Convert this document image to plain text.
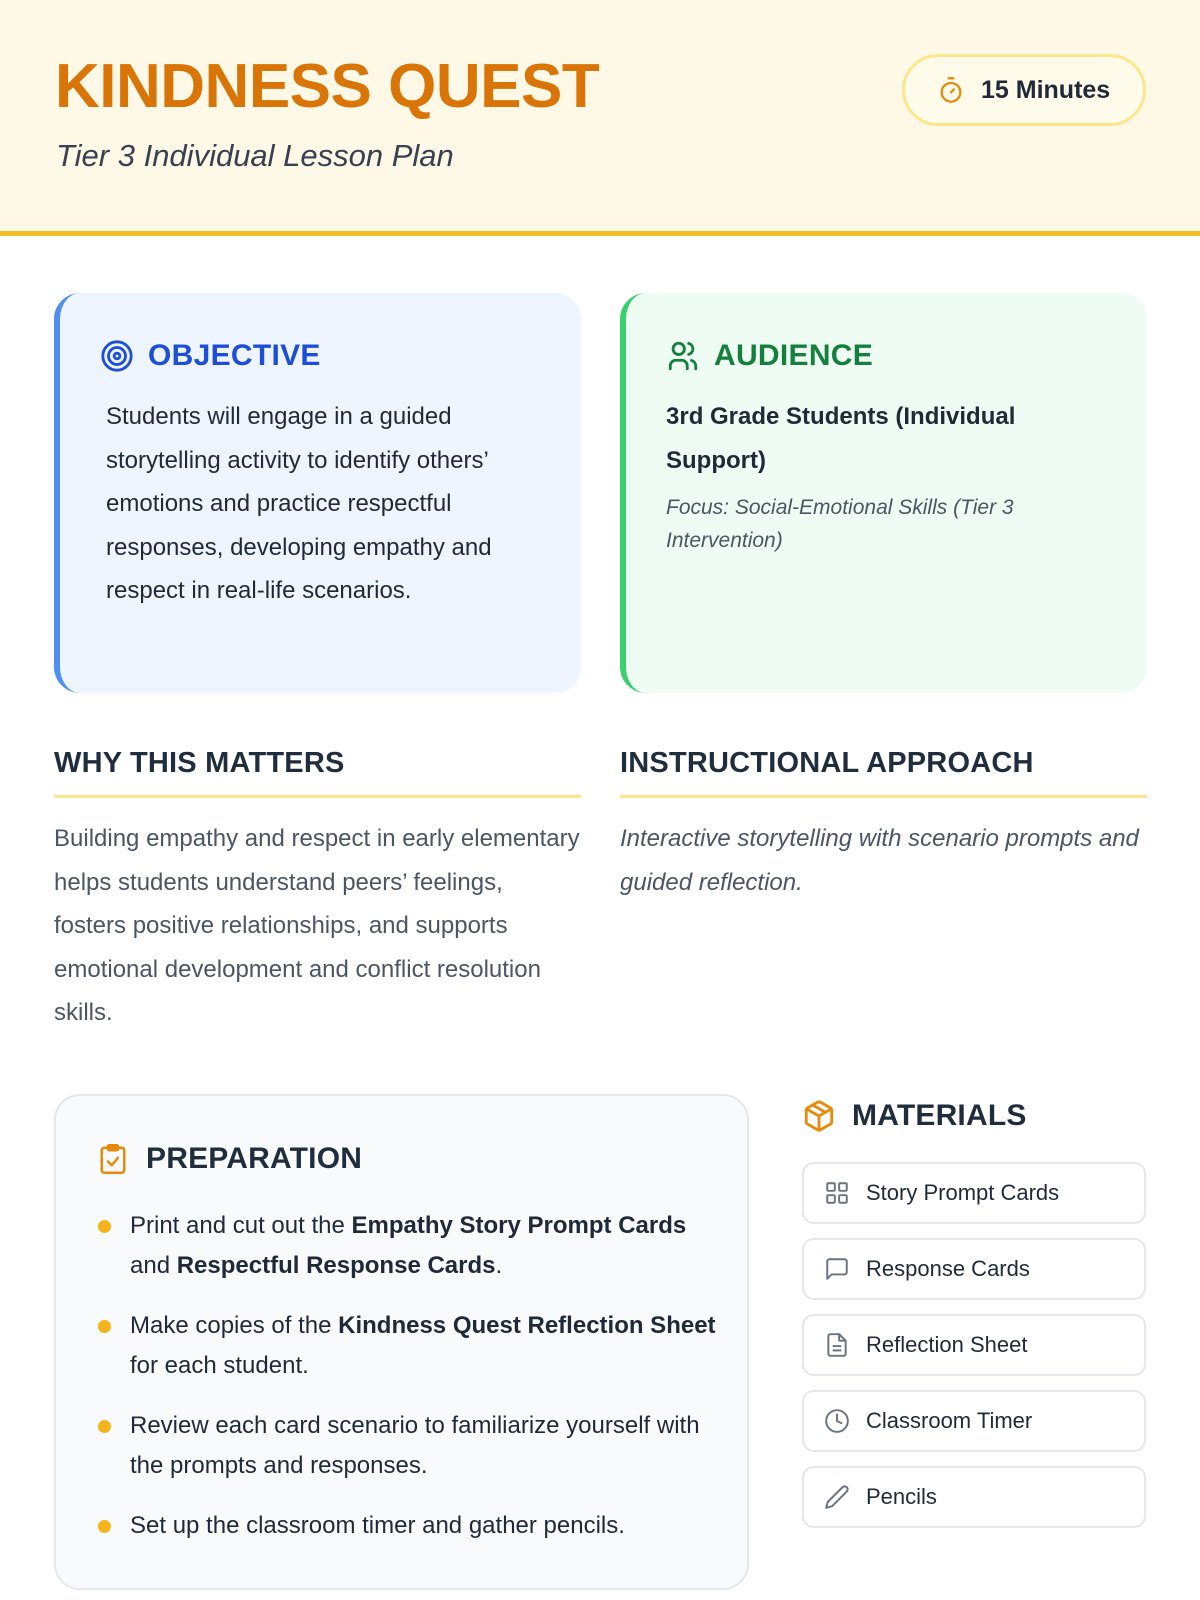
KINDNESS QUEST
Tier 3 Individual Lesson Plan
15 Minutes
OBJECTIVE
Students will engage in a guided storytelling activity to identify others’ emotions and practice respectful responses, developing empathy and respect in real-life scenarios.
AUDIENCE
3rd Grade Students (Individual Support)
Focus: Social-Emotional Skills (Tier 3 Intervention)
WHY THIS MATTERS
Building empathy and respect in early elementary helps students understand peers’ feelings, fosters positive relationships, and supports emotional development and conflict resolution skills.
INSTRUCTIONAL APPROACH
Interactive storytelling with scenario prompts and guided reflection.
PREPARATION
Print and cut out the Empathy Story Prompt Cards and Respectful Response Cards.
Make copies of the Kindness Quest Reflection Sheet for each student.
Review each card scenario to familiarize yourself with the prompts and responses.
Set up the classroom timer and gather pencils.
MATERIALS
Story Prompt Cards
Response Cards
Reflection Sheet
Classroom Timer
Pencils
